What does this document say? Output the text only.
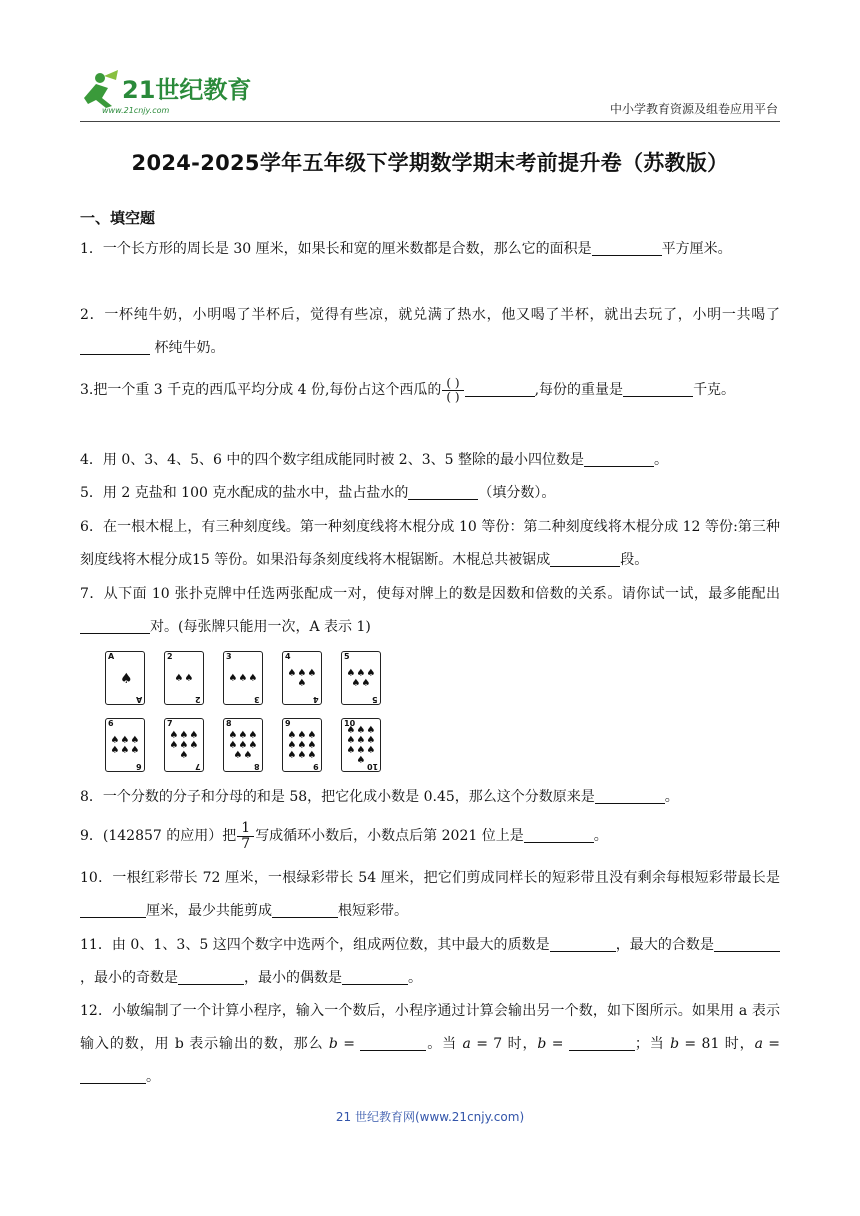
21世纪教育
www.21cnjy.com	中小学教育资源及组卷应用平台
2024-2025学年五年级下学期数学期末考前提升卷（苏教版）
一、填空题
1．一个长方形的周长是 30 厘米，如果长和宽的厘米数都是合数，那么它的面积是	平方厘米。
2．一杯纯牛奶，小明喝了半杯后，觉得有些凉，就兑满了热水，他又喝了半杯，就出去玩了，小明一共喝了 杯纯牛奶。
3.把一个重 3 千克的西瓜平均分成 4 份,每份占这个西瓜的 $\frac{( )}{( )}$	,每份的重量是	千克。
4．用 0、3、4、5、6 中的四个数字组成能同时被 2、3、5 整除的最小四位数是	。
5．用 2 克盐和 100 克水配成的盐水中，盐占盐水的	（填分数）。
6．在一根木棍上，有三种刻度线。第一种刻度线将木棍分成 10 等份：第二种刻度线将木棍分成 12 等份:第三种刻度线将木棍分成15 等份。如果沿每条刻度线将木棍锯断。木棍总共被锯成	段。
7．从下面 10 张扑克牌中任选两张配成一对，使每对牌上的数是因数和倍数的关系。请你试一试，最多能配出对。(每张牌只能用一次，A 表示 1)
A
♠
A
2
♠ ♠
2
3
♠ ♠ ♠
3
4
♠ ♠ ♠
♠
4
5
♠ ♠ ♠
♠ ♠
5
6
♠ ♠ ♠
♠ ♠ ♠
6
7
♠ ♠ ♠
♠ ♠ ♠
♠
7
8
♠ ♠ ♠
♠ ♠ ♠
♠ ♠
8
9
♠ ♠ ♠
♠ ♠ ♠
♠ ♠ ♠
9
10
♠ ♠ ♠
♠ ♠ ♠
♠ ♠ ♠
♠
10
8．一个分数的分子和分母的和是 58，把它化成小数是 0.45，那么这个分数原来是	。
9．(142857 的应用）把 $\frac{1}{7}$ 写成循环小数后，小数点后第 2021 位上是	。
10．一根红彩带长 72 厘米，一根绿彩带长 54 厘米，把它们剪成同样长的短彩带且没有剩余每根短彩带最长是厘米，最少共能剪成	根短彩带。
11．由 0、1、3、5 这四个数字中选两个，组成两位数，其中最大的质数是	，最大的合数是，最小的奇数是	，最小的偶数是	。
12．小敏编制了一个计算小程序，输入一个数后，小程序通过计算会输出另一个数，如下图所示。如果用 a 表示输入的数，用 b 表示输出的数，那么 b =	。当 a = 7 时，b =	；当 b = 81 时，a = 。
21 世纪教育网(www.21cnjy.com)
